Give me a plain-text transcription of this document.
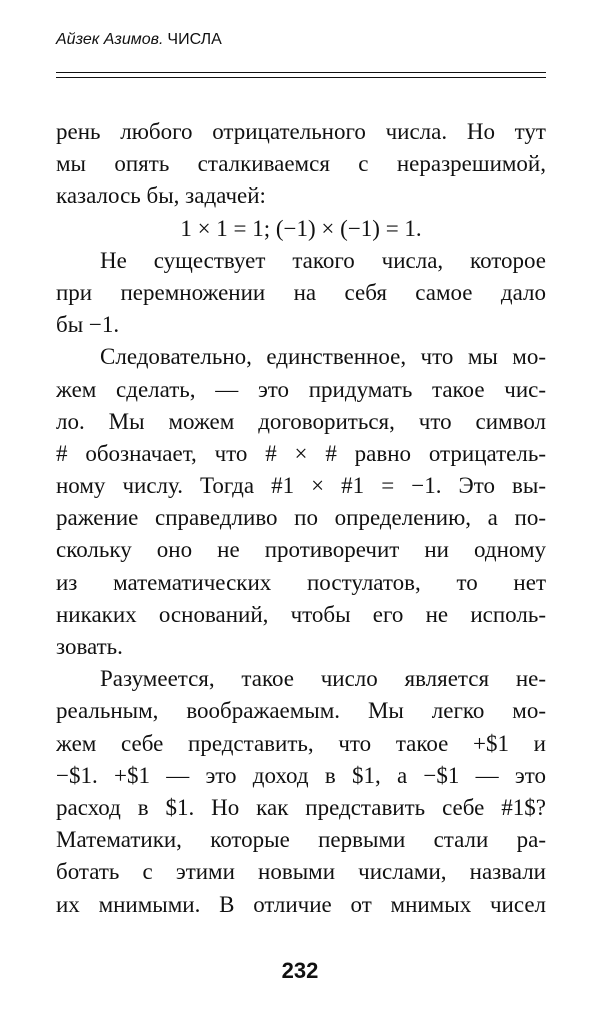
Айзек Азимов. ЧИСЛА
рень любого отрицательного числа. Но тут
мы опять сталкиваемся с неразрешимой,
казалось бы, задачей:
1 × 1 = 1; (−1) × (−1) = 1.
Не существует такого числа, которое
при перемножении на себя самое дало
бы −1.
Следовательно, единственное, что мы мо-
жем сделать, — это придумать такое чис-
ло. Мы можем договориться, что символ
# обозначает, что # × # равно отрицатель-
ному числу. Тогда #1 × #1 = −1. Это вы-
ражение справедливо по определению, а по-
скольку оно не противоречит ни одному
из математических постулатов, то нет
никаких оснований, чтобы его не исполь-
зовать.
Разумеется, такое число является не-
реальным, воображаемым. Мы легко мо-
жем себе представить, что такое +$1 и
−$1. +$1 — это доход в $1, а −$1 — это
расход в $1. Но как представить себе #1$?
Математики, которые первыми стали ра-
ботать с этими новыми числами, назвали
их мнимыми. В отличие от мнимых чисел
232
